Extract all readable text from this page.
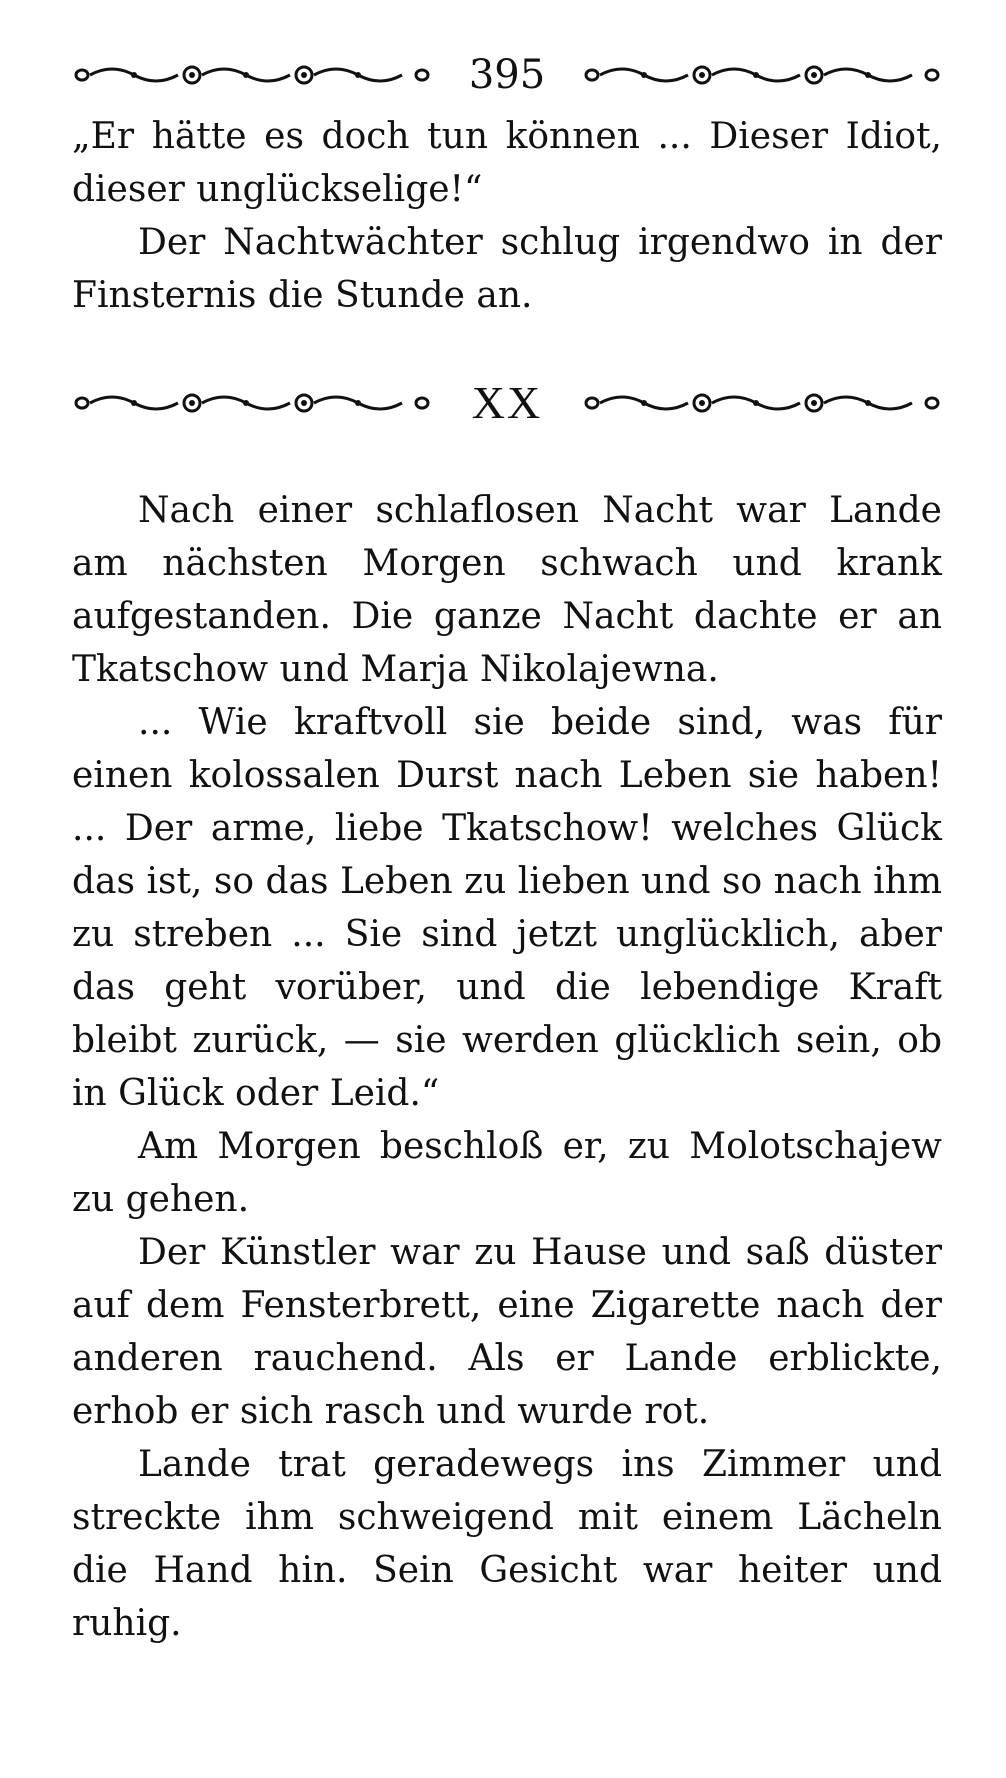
395

„Er hätte es doch tun können ... Dieser Idiot, dieser unglückselige!“

Der Nachtwächter schlug irgendwo in der Finsternis die Stunde an.

XX

Nach einer schlaflosen Nacht war Lande am nächsten Morgen schwach und krank aufgestanden. Die ganze Nacht dachte er an Tkatschow und Marja Nikolajewna.

... Wie kraftvoll sie beide sind, was für einen kolossalen Durst nach Leben sie haben! ... Der arme, liebe Tkatschow! welches Glück das ist, so das Leben zu lieben und so nach ihm zu streben ... Sie sind jetzt unglücklich, aber das geht vorüber, und die lebendige Kraft bleibt zurück, — sie werden glücklich sein, ob in Glück oder Leid.“

Am Morgen beschloß er, zu Molotschajew zu gehen.

Der Künstler war zu Hause und saß düster auf dem Fensterbrett, eine Zigarette nach der anderen rauchend. Als er Lande erblickte, erhob er sich rasch und wurde rot.

Lande trat geradewegs ins Zimmer und streckte ihm schweigend mit einem Lächeln die Hand hin. Sein Gesicht war heiter und ruhig.
